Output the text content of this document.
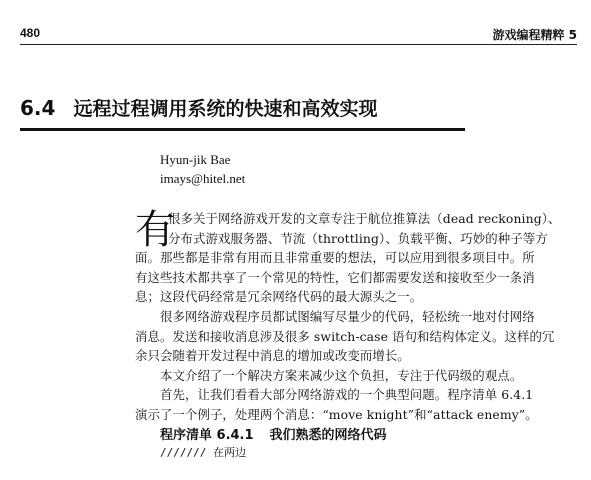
480	游戏编程精粹 5
6.4 远程过程调用系统的快速和高效实现
Hyun-jik Bae
imays@hitel.net
有
很多关于网络游戏开发的文章专注于航位推算法（dead reckoning）、
分布式游戏服务器、节流（throttling）、负载平衡、巧妙的种子等方
面。那些都是非常有用而且非常重要的想法，可以应用到很多项目中。所
有这些技术都共享了一个常见的特性，它们都需要发送和接收至少一条消
息；这段代码经常是冗余网络代码的最大源头之一。
　　很多网络游戏程序员都试图编写尽量少的代码，轻松统一地对付网络
消息。发送和接收消息涉及很多 switch-case 语句和结构体定义。这样的冗
余只会随着开发过程中消息的增加或改变而增长。
　　本文介绍了一个解决方案来减少这个负担，专注于代码级的观点。
　　首先，让我们看看大部分网络游戏的一个典型问题。程序清单 6.4.1
演示了一个例子，处理两个消息：“move knight”和“attack enemy”。
程序清单 6.4.1 我们熟悉的网络代码
/////// 在两边
